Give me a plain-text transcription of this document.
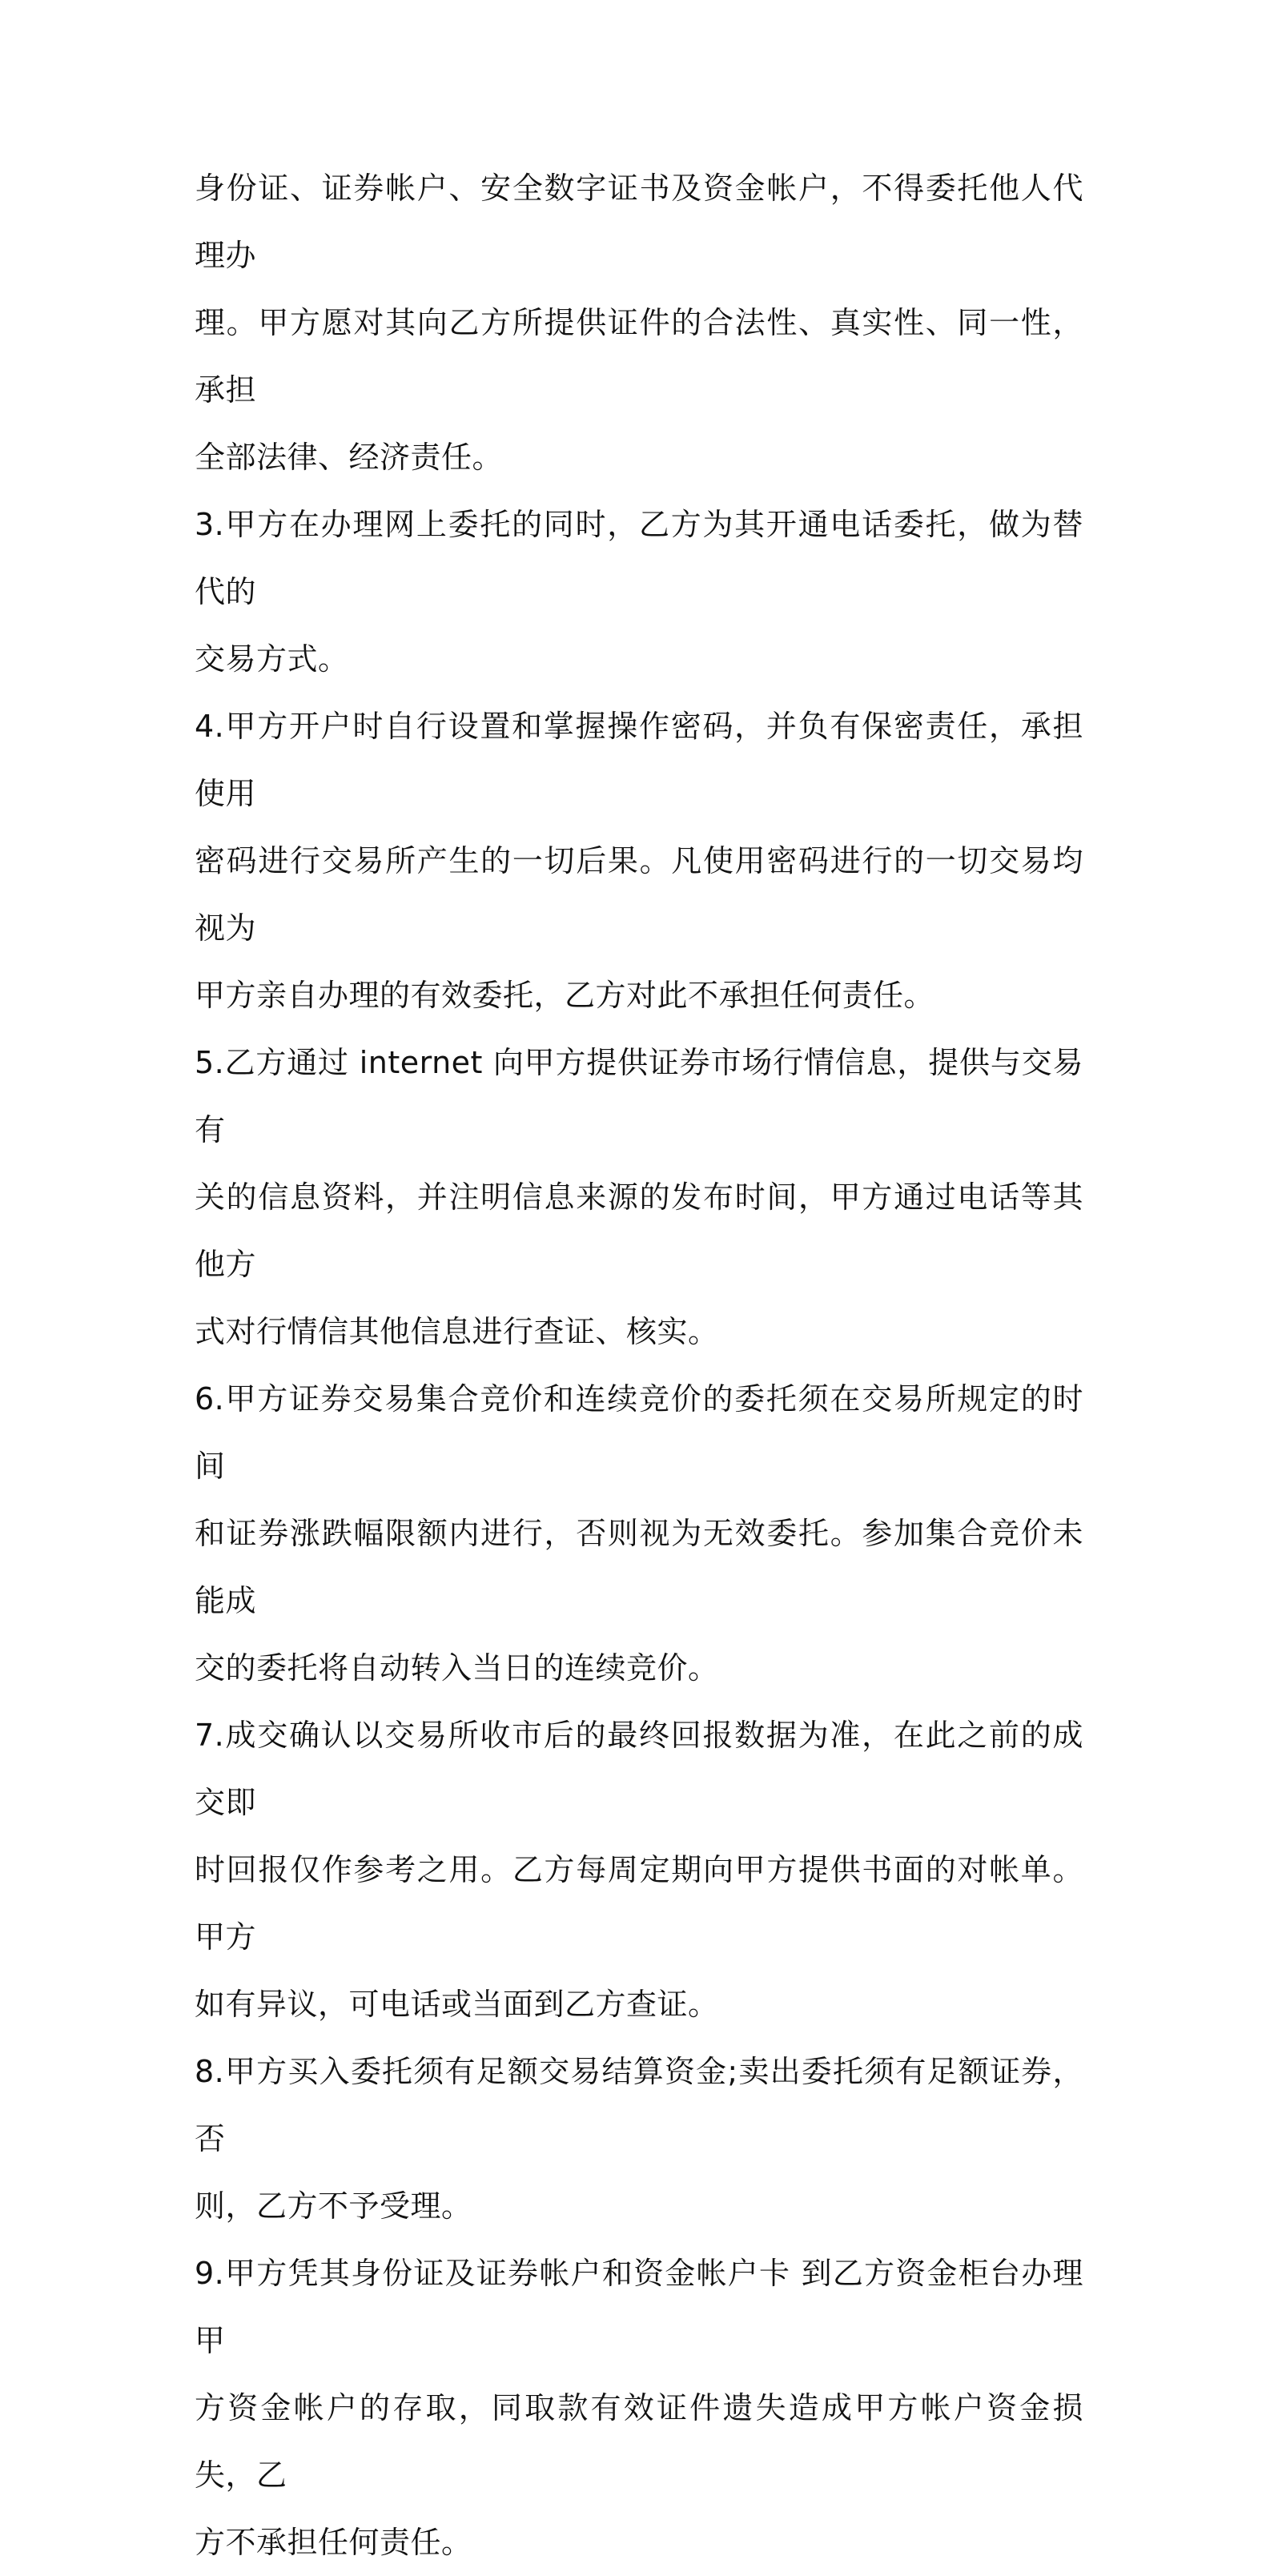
身份证、证券帐户、安全数字证书及资金帐户，不得委托他人代理办
理。甲方愿对其向乙方所提供证件的合法性、真实性、同一性，承担
全部法律、经济责任。

3.甲方在办理网上委托的同时，乙方为其开通电话委托，做为替代的
交易方式。

4.甲方开户时自行设置和掌握操作密码，并负有保密责任，承担使用
密码进行交易所产生的一切后果。凡使用密码进行的一切交易均视为
甲方亲自办理的有效委托，乙方对此不承担任何责任。

5.乙方通过 internet 向甲方提供证券市场行情信息，提供与交易有
关的信息资料，并注明信息来源的发布时间，甲方通过电话等其他方
式对行情信其他信息进行查证、核实。

6.甲方证券交易集合竞价和连续竞价的委托须在交易所规定的时间
和证券涨跌幅限额内进行，否则视为无效委托。参加集合竞价未能成
交的委托将自动转入当日的连续竞价。

7.成交确认以交易所收市后的最终回报数据为准，在此之前的成交即
时回报仅作参考之用。乙方每周定期向甲方提供书面的对帐单。甲方
如有异议，可电话或当面到乙方查证。

8.甲方买入委托须有足额交易结算资金;卖出委托须有足额证券，否
则，乙方不予受理。

9.甲方凭其身份证及证券帐户和资金帐户卡 到乙方资金柜台办理甲
方资金帐户的存取，同取款有效证件遗失造成甲方帐户资金损失，乙
方不承担任何责任。
